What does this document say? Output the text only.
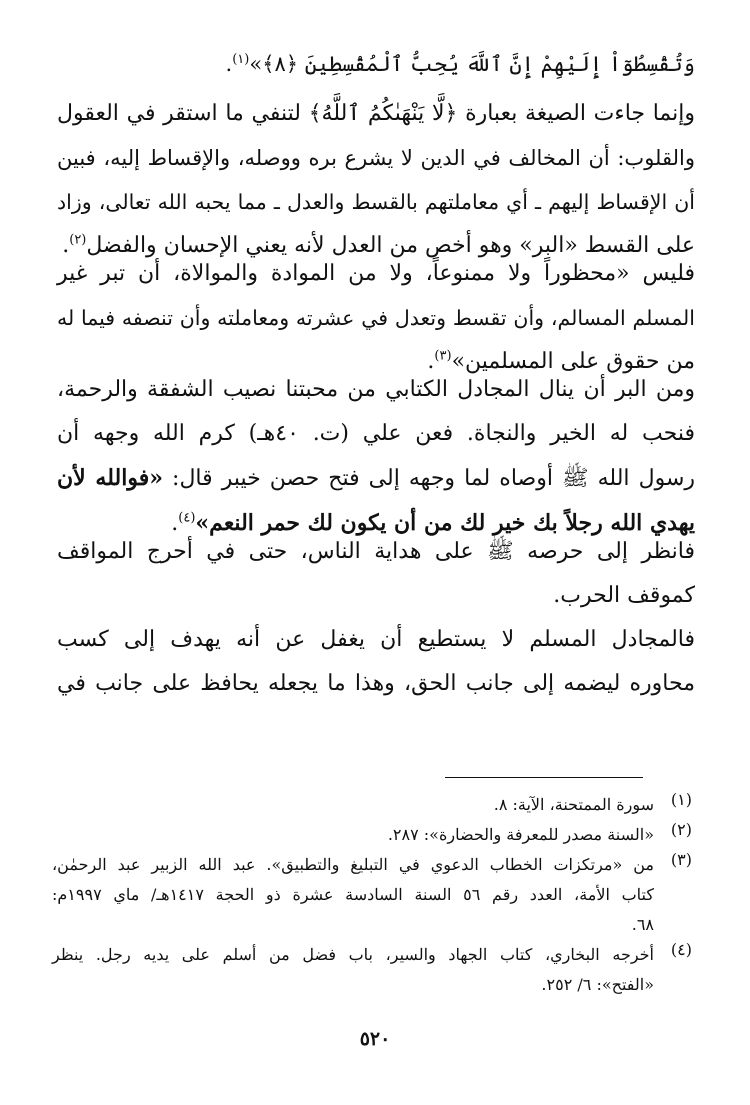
وَتُقْسِطُوٓاْ إِلَيْهِمْ إِنَّ ٱللَّهَ يُحِبُّ ٱلْمُقْسِطِينَ ﴿٨﴾»$^{(١)}$.
وإنما جاءت الصيغة بعبارة ﴿لَّا يَنْهَىٰكُمُ ٱللَّهُ﴾ لتنفي ما استقر في العقول
والقلوب: أن المخالف في الدين لا يشرع بره ووصله، والإقساط إليه، فبين
أن الإقساط إليهم ـ أي معاملتهم بالقسط والعدل ـ مما يحبه الله تعالى، وزاد
على القسط «البر» وهو أخص من العدل لأنه يعني الإحسان والفضل$^{(٢)}$.
فليس «محظوراً ولا ممنوعاً، ولا من الموادة والموالاة، أن تبر غير
المسلم المسالم، وأن تقسط وتعدل في عشرته ومعاملته وأن تنصفه فيما له
من حقوق على المسلمين»$^{(٣)}$.
ومن البر أن ينال المجادل الكتابي من محبتنا نصيب الشفقة والرحمة،
فنحب له الخير والنجاة. فعن علي (ت. ٤٠هـ) كرم الله وجهه أن
رسول الله ﷺ أوصاه لما وجهه إلى فتح حصن خيبر قال: «فوالله لأن
يهدي الله رجلاً بك خير لك من أن يكون لك حمر النعم»$^{(٤)}$.
فانظر إلى حرصه ﷺ على هداية الناس، حتى في أحرج المواقف
كموقف الحرب.
فالمجادل المسلم لا يستطيع أن يغفل عن أنه يهدف إلى كسب
محاوره ليضمه إلى جانب الحق، وهذا ما يجعله يحافظ على جانب في
(١)
سورة الممتحنة، الآية: ٨.
(٢)
«السنة مصدر للمعرفة والحضارة»: ٢٨٧.
(٣)
من «مرتكزات الخطاب الدعوي في التبليغ والتطبيق». عبد الله الزبير عبد الرحمٰن،
كتاب الأمة، العدد رقم ٥٦ السنة السادسة عشرة ذو الحجة ١٤١٧هـ/ ماي ١٩٩٧م:
٦٨.
(٤)
أخرجه البخاري، كتاب الجهاد والسير، باب فضل من أسلم على يديه رجل. ينظر
«الفتح»: ٦/ ٢٥٢.
٥٢٠
